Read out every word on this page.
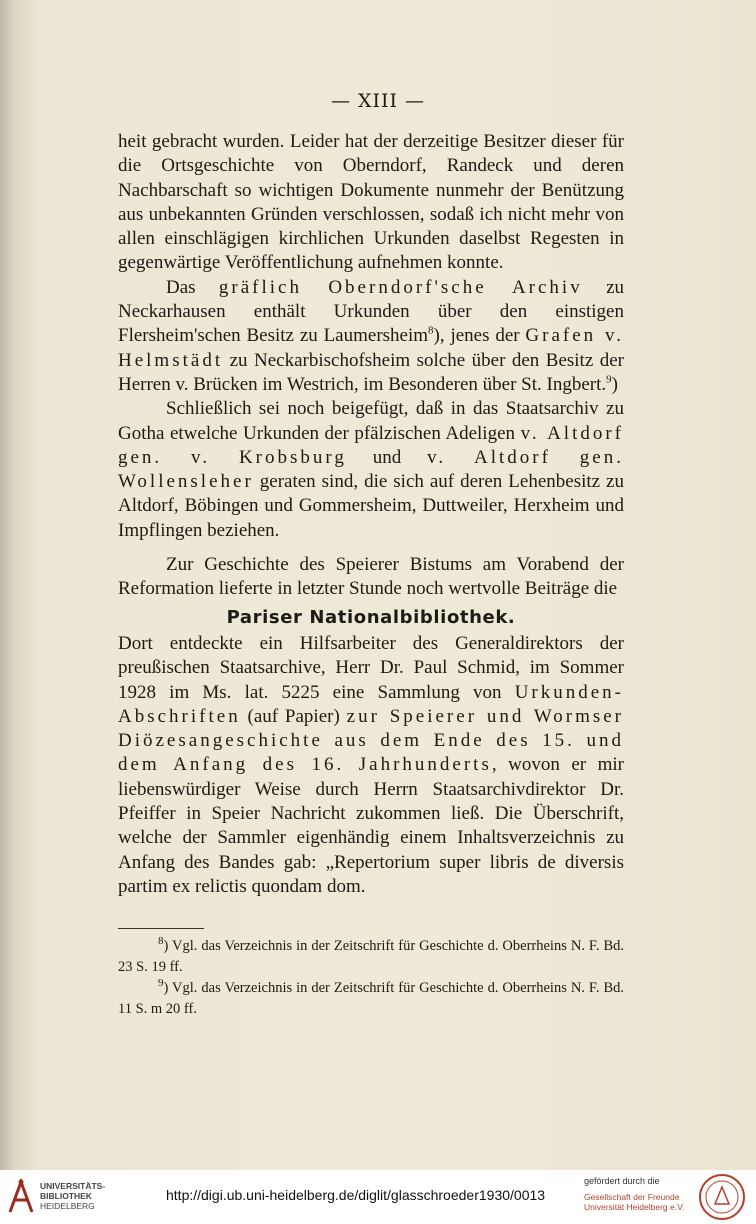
— XIII —

heit gebracht wurden. Leider hat der derzeitige Besitzer dieser für die Ortsgeschichte von Oberndorf, Randeck und deren Nachbarschaft so wichtigen Dokumente nunmehr der Benützung aus unbekannten Gründen verschlossen, sodaß ich nicht mehr von allen einschlägigen kirchlichen Urkunden daselbst Regesten in gegenwärtige Veröffentlichung aufnehmen konnte.

Das gräflich Oberndorf'sche Archiv zu Neckarhausen enthält Urkunden über den einstigen Flersheim'schen Besitz zu Laumersheim$^8$), jenes der Grafen v. Helmstädt zu Neckarbischofsheim solche über den Besitz der Herren v. Brücken im Westrich, im Besonderen über St. Ingbert.$^9$)

Schließlich sei noch beigefügt, daß in das Staatsarchiv zu Gotha etwelche Urkunden der pfälzischen Adeligen v. Altdorf gen. v. Krobsburg und v. Altdorf gen. Wollensleher geraten sind, die sich auf deren Lehenbesitz zu Altdorf, Böbingen und Gommersheim, Duttweiler, Herxheim und Impflingen beziehen.

Zur Geschichte des Speierer Bistums am Vorabend der Reformation lieferte in letzter Stunde noch wertvolle Beiträge die

Pariser Nationalbibliothek.

Dort entdeckte ein Hilfsarbeiter des Generaldirektors der preußischen Staatsarchive, Herr Dr. Paul Schmid, im Sommer 1928 im Ms. lat. 5225 eine Sammlung von Urkunden-Abschriften (auf Papier) zur Speierer und Wormser Diözesangeschichte aus dem Ende des 15. und dem Anfang des 16. Jahrhunderts, wovon er mir liebenswürdiger Weise durch Herrn Staatsarchivdirektor Dr. Pfeiffer in Speier Nachricht zukommen ließ. Die Überschrift, welche der Sammler eigenhändig einem Inhaltsverzeichnis zu Anfang des Bandes gab: „Repertorium super libris de diversis partim ex relictis quondam dom.

$^8$) Vgl. das Verzeichnis in der Zeitschrift für Geschichte d. Oberrheins N. F. Bd. 23 S. 19 ff.

$^9$) Vgl. das Verzeichnis in der Zeitschrift für Geschichte d. Oberrheins N. F. Bd. 11 S. m 20 ff.

UNIVERSITÄTS-
BIBLIOTHEK
HEIDELBERG
http://digi.ub.uni-heidelberg.de/diglit/glasschroeder1930/0013
gefördert durch die
Gesellschaft der Freunde
Universität Heidelberg e.V.
